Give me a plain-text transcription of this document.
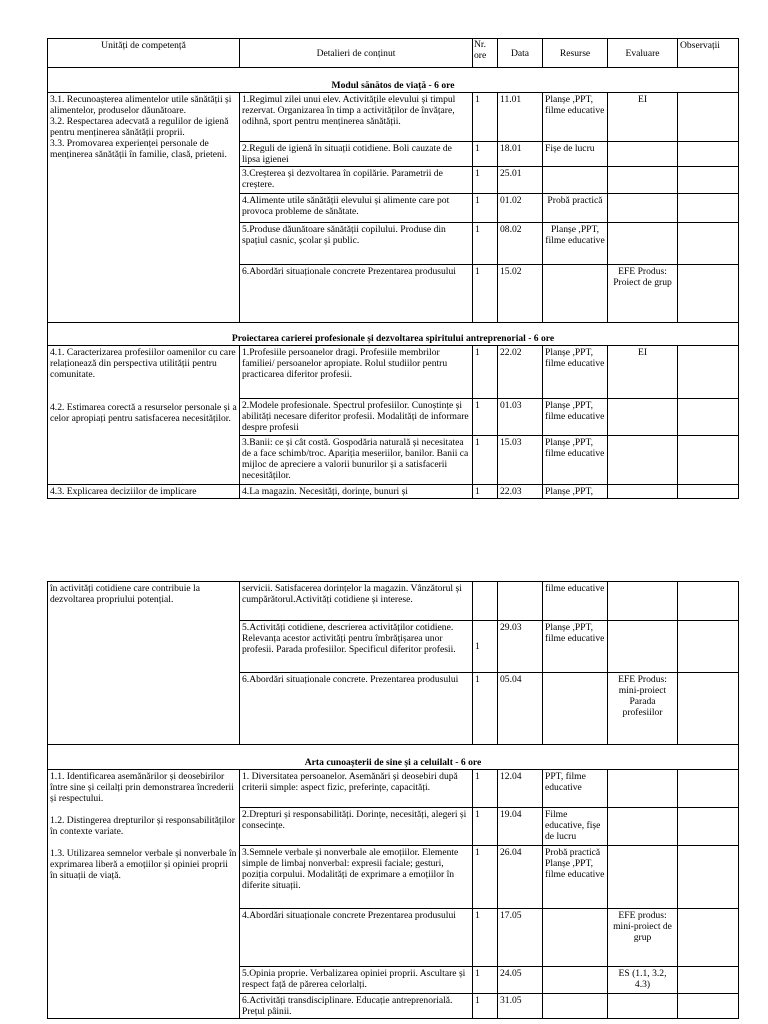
Unități de competență	Detalieri de conținut	Nr. ore	Data	Resurse	Evaluare	Observații
Modul sănătos de viață - 6 ore						

3.1. Recunoașterea alimentelor utile sănătății și alimentelor, produselor dăunătoare.

3.2. Respectarea adecvată a regulilor de igienă pentru menținerea sănătății proprii.

3.3. Promovarea experienței personale de menținerea sănătății în familie, clasă, prieteni.	1.Regimul zilei unui elev. Activitățile elevului și timpul rezervat. Organizarea în timp a activităților de învățare, odihnă, sport pentru menținerea sănătății.	1	11.01	Planșe ,PPT, filme educative	EI	
	2.Reguli de igienă în situații cotidiene. Boli cauzate de lipsa igienei	1	18.01	Fișe de lucru		
	3.Creșterea și dezvoltarea în copilărie. Parametrii de creștere.	1	25.01			
	4.Alimente utile sănătății elevului și alimente care pot provoca probleme de sănătate.	1	01.02	Probă practică		
	5.Produse dăunătoare sănătății copilului. Produse din spațiul casnic, școlar și public.	1	08.02	Planșe ,PPT, filme educative		
	6.Abordări situaționale concrete Prezentarea produsului	1	15.02		EFE Produs: Proiect de grup	
Proiectarea carierei profesionale și dezvoltarea spiritului antreprenorial - 6 ore						

4.1. Caracterizarea profesiilor oamenilor cu care relaționează din perspectiva utilității pentru comunitate.

4.2. Estimarea corectă a resurselor personale și a celor apropiați pentru satisfacerea necesităților.	1.Profesiile persoanelor dragi. Profesiile membrilor familiei/ persoanelor apropiate. Rolul studiilor pentru practicarea diferitor profesii.	1	22.02	Planșe ,PPT, filme educative	EI	
	2.Modele profesionale. Spectrul profesiilor. Cunoștințe și abilități necesare diferitor profesii. Modalități de informare despre profesii	1	01.03	Planșe ,PPT, filme educative		
	3.Banii: ce și cât costă. Gospodăria naturală și necesitatea de a face schimb/troc. Apariția meseriilor, banilor. Banii ca mijloc de apreciere a valorii bunurilor și a satisfacerii necesităților.	1	15.03	Planșe ,PPT, filme educative		
4.3. Explicarea deciziilor de implicare	4.La magazin. Necesități, dorințe, bunuri și	1	22.03	Planșe ,PPT,		
în activități cotidiene care contribuie la dezvoltarea propriului potențial.	servicii. Satisfacerea dorințelor la magazin. Vânzătorul și cumpărătorul.Activități cotidiene și interese.			filme educative		
	5.Activități cotidiene, descrierea activităților cotidiene. Relevanța acestor activități pentru îmbrățișarea unor profesii. Parada profesiilor. Specificul diferitor profesii.	1	29.03	Planșe ,PPT, filme educative		
	6.Abordări situaționale concrete. Prezentarea produsului	1	05.04		EFE Produs: mini-proiect Parada profesiilor	
Arta cunoașterii de sine și a celuilalt - 6 ore						

1.1. Identificarea asemănărilor și deosebirilor între sine și ceilalți prin demonstrarea încrederii și respectului.

1.2. Distingerea drepturilor și responsabilităților în contexte variate.

1.3. Utilizarea semnelor verbale și nonverbale în exprimarea liberă a emoțiilor și opiniei proprii în situații de viață.	1. Diversitatea persoanelor. Asemănări și deosebiri după criterii simple: aspect fizic, preferințe, capacități.	1	12.04	PPT, filme educative		
	2.Drepturi și responsabilități. Dorințe, necesități, alegeri și consecințe.	1	19.04	Filme educative, fișe de lucru		
	3.Semnele verbale și nonverbale ale emoțiilor. Elemente simple de limbaj nonverbal: expresii faciale; gesturi, poziția corpului. Modalități de exprimare a emoțiilor în diferite situații.	1	26.04	Probă practică Planșe ,PPT, filme educative		
	4.Abordări situaționale concrete Prezentarea produsului	1	17.05		EFE produs: mini-proiect de grup	
	5.Opinia proprie. Verbalizarea opiniei proprii. Ascultare și respect față de părerea celorlalți.	1	24.05		ES (1.1, 3.2, 4.3)	
	6.Activități transdisciplinare. Educație antreprenorială. Prețul pâinii.	1	31.05			
